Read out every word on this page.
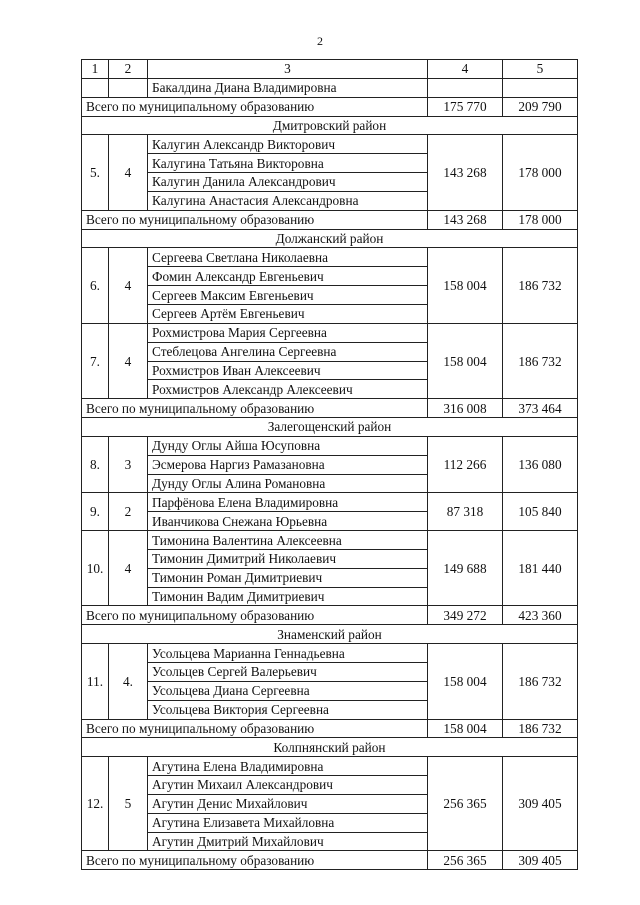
2
1	2	3	4	5
		Бакалдина Диана Владимировна		
Всего по муниципальному образованию			175 770	209 790
Дмитровский район				
5.	4	Калугин Александр Викторович	143 268	178 000
		Калугина Татьяна Викторовна		
		Калугин Данила Александрович		
		Калугина Анастасия Александровна		
Всего по муниципальному образованию			143 268	178 000
Должанский район				
6.	4	Сергеева Светлана Николаевна	158 004	186 732
		Фомин Александр Евгеньевич		
		Сергеев Максим Евгеньевич		
		Сергеев Артём Евгеньевич		
7.	4	Рохмистрова Мария Сергеевна	158 004	186 732
		Стеблецова Ангелина Сергеевна		
		Рохмистров Иван Алексеевич		
		Рохмистров Александр Алексеевич		
Всего по муниципальному образованию			316 008	373 464
Залегощенский район				
8.	3	Дунду Оглы Айша Юсуповна	112 266	136 080
		Эсмерова Наргиз Рамазановна		
		Дунду Оглы Алина Романовна		
9.	2	Парфёнова Елена Владимировна	87 318	105 840
		Иванчикова Снежана Юрьевна		
10.	4	Тимонина Валентина Алексеевна	149 688	181 440
		Тимонин Димитрий Николаевич		
		Тимонин Роман Димитриевич		
		Тимонин Вадим Димитриевич		
Всего по муниципальному образованию			349 272	423 360
Знаменский район				
11.	4.	Усольцева Марианна Геннадьевна	158 004	186 732
		Усольцев Сергей Валерьевич		
		Усольцева Диана Сергеевна		
		Усольцева Виктория Сергеевна		
Всего по муниципальному образованию			158 004	186 732
Колпнянский район				
12.	5	Агутина Елена Владимировна	256 365	309 405
		Агутин Михаил Александрович		
		Агутин Денис Михайлович		
		Агутина Елизавета Михайловна		
		Агутин Дмитрий Михайлович		
Всего по муниципальному образованию			256 365	309 405
